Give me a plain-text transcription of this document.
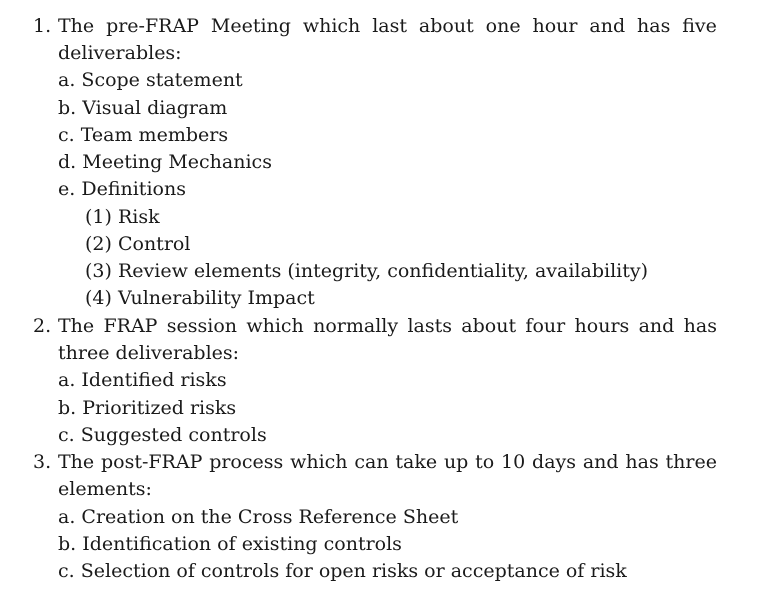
1. The pre-FRAP Meeting which last about one hour and has five
deliverables:
a. Scope statement
b. Visual diagram
c. Team members
d. Meeting Mechanics
e. Definitions
(1) Risk
(2) Control
(3) Review elements (integrity, confidentiality, availability)
(4) Vulnerability Impact
2. The FRAP session which normally lasts about four hours and has
three deliverables:
a. Identified risks
b. Prioritized risks
c. Suggested controls
3. The post-FRAP process which can take up to 10 days and has three
elements:
a. Creation on the Cross Reference Sheet
b. Identification of existing controls
c. Selection of controls for open risks or acceptance of risk
